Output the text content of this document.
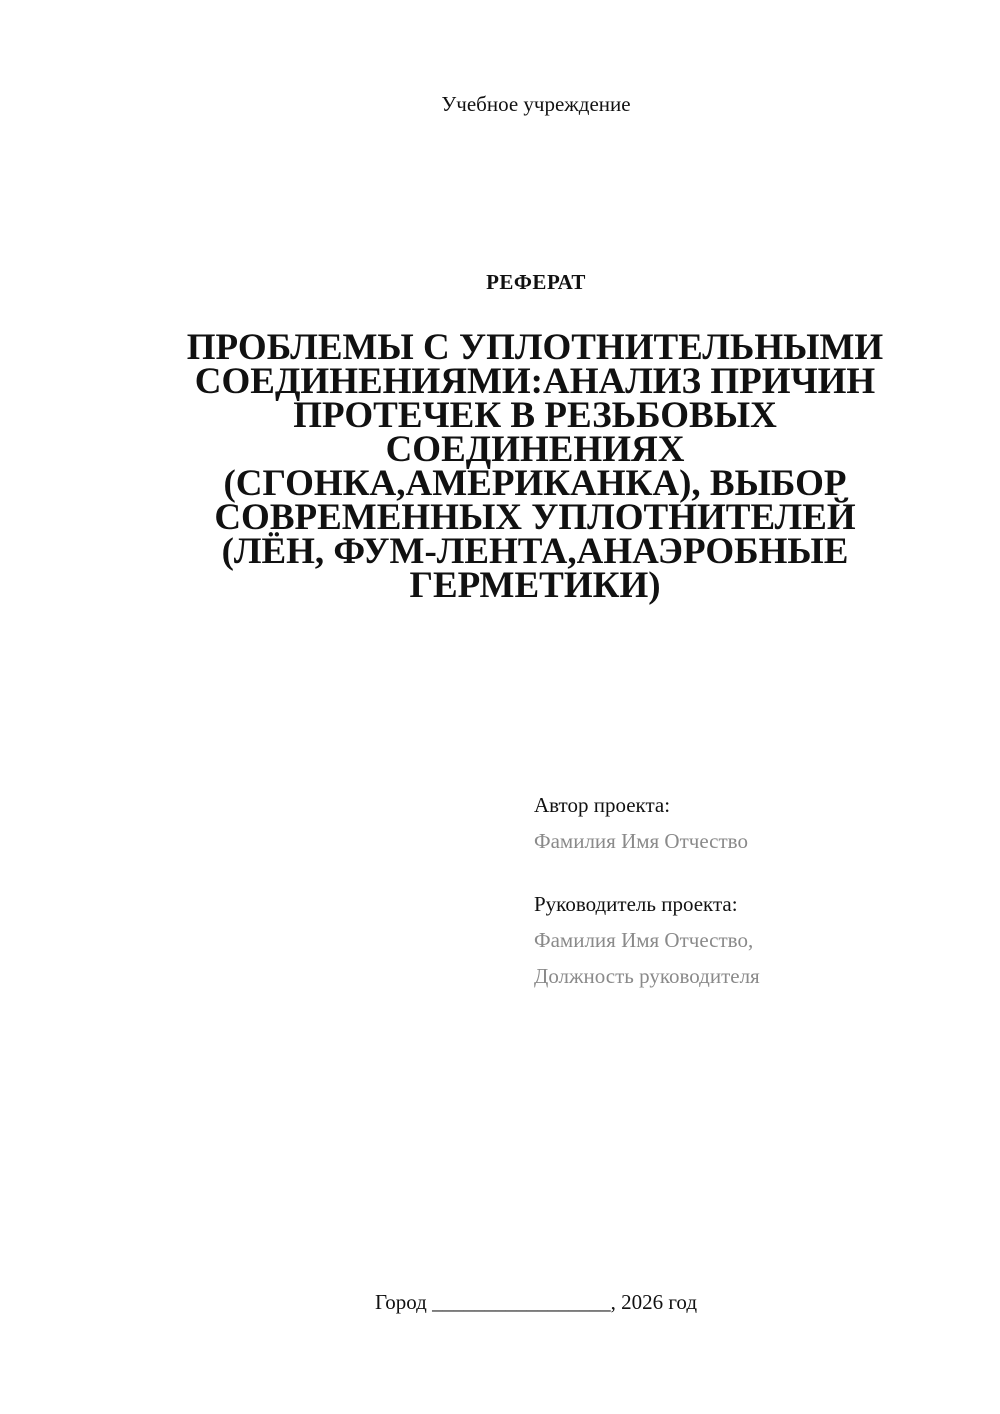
Учебное учреждение
РЕФЕРАТ
ПРОБЛЕМЫ С УПЛОТНИТЕЛЬНЫМИ
СОЕДИНЕНИЯМИ:АНАЛИЗ ПРИЧИН
ПРОТЕЧЕК В РЕЗЬБОВЫХ
СОЕДИНЕНИЯХ
(СГОНКА,АМЕРИКАНКА), ВЫБОР
СОВРЕМЕННЫХ УПЛОТНИТЕЛЕЙ
(ЛЁН, ФУМ-ЛЕНТА,АНАЭРОБНЫЕ
ГЕРМЕТИКИ)
Автор проекта:
Фамилия Имя Отчество
Руководитель проекта:
Фамилия Имя Отчество,
Должность руководителя
Город _________________, 2026 год
